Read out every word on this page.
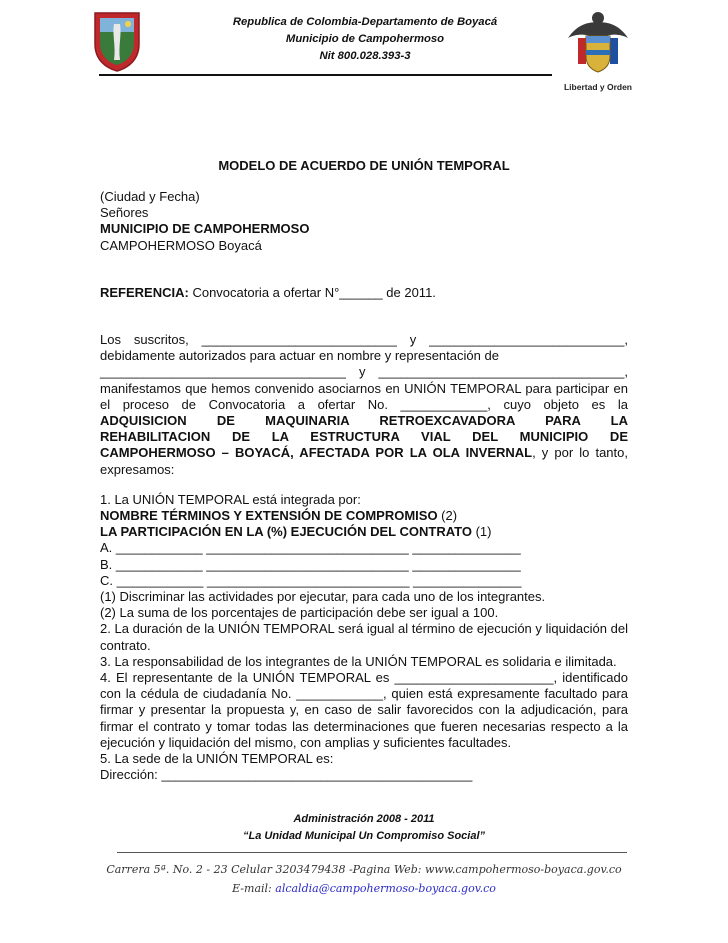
Republica de Colombia-Departamento de Boyacá
Municipio de Campohermoso
Nit 800.028.393-3
Libertad y Orden
MODELO DE ACUERDO DE UNIÓN TEMPORAL

(Ciudad y Fecha)

Señores

MUNICIPIO DE CAMPOHERMOSO

CAMPOHERMOSO Boyacá

REFERENCIA: Convocatoria a ofertar N°______ de 2011.

Los suscritos, ___________________________ y ___________________________,

debidamente autorizados para actuar en nombre y representación de

__________________________________ y __________________________________,

manifestamos que hemos convenido asociarnos en UNIÓN TEMPORAL para participar en

el proceso de Convocatoria a ofertar No. ____________, cuyo objeto es la

ADQUISICION DE MAQUINARIA RETROEXCAVADORA PARA LA

REHABILITACION DE LA ESTRUCTURA VIAL DEL MUNICIPIO DE

CAMPOHERMOSO – BOYACÁ, AFECTADA POR LA OLA INVERNAL, y por lo tanto,

expresamos:

1. La UNIÓN TEMPORAL está integrada por:

NOMBRE TÉRMINOS Y EXTENSIÓN DE COMPROMISO (2)

LA PARTICIPACIÓN EN LA (%) EJECUCIÓN DEL CONTRATO (1)

A. ____________ ____________________________ _______________

B. ____________ ____________________________ _______________

C. ____________ ____________________________ _______________

(1) Discriminar las actividades por ejecutar, para cada uno de los integrantes.

(2) La suma de los porcentajes de participación debe ser igual a 100.

2. La duración de la UNIÓN TEMPORAL será igual al término de ejecución y liquidación del contrato.

3. La responsabilidad de los integrantes de la UNIÓN TEMPORAL es solidaria e ilimitada.

4. El representante de la UNIÓN TEMPORAL es ______________________, identificado con la cédula de ciudadanía No. ____________, quien está expresamente facultado para firmar y presentar la propuesta y, en caso de salir favorecidos con la adjudicación, para firmar el contrato y tomar todas las determinaciones que fueren necesarias respecto a la ejecución y liquidación del mismo, con amplias y suficientes facultades.

5. La sede de la UNIÓN TEMPORAL es:

Dirección: ___________________________________________

Administración 2008 - 2011
“La Unidad Municipal Un Compromiso Social”
Carrera 5ª. No. 2 - 23 Celular 3203479438 -Pagina Web: www.campohermoso-boyaca.gov.co
E-mail: alcaldia@campohermoso-boyaca.gov.co
